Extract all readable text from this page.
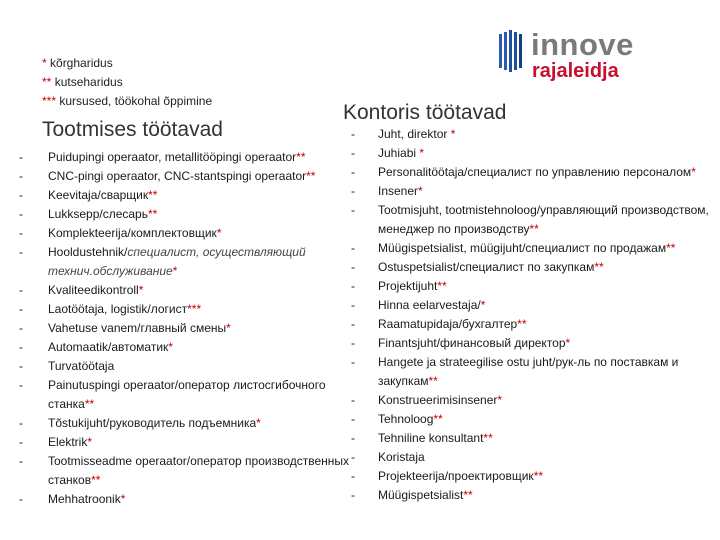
innove
rajaleidja
* kõrgharidus
** kutseharidus
*** kursused, töökohal õppimine
Tootmises töötavad
Kontoris töötavad
-	Puidupingi operaator, metallitööpingi operaator**
-	CNC-pingi operaator, CNC-stantspingi operaator**
-	Keevitaja/сварщик**
-	Lukksepp/слесарь**
-	Komplekteerija/комплектовщик*
-	Hooldustehnik/специалист, осуществляющий технич.обслуживание*
-	Kvaliteedikontroll*
-	Laotöötaja, logistik/логист***
-	Vahetuse vanem/главный смены*
-	Automaatik/автоматик*
-	Turvatöötaja
-	Painutuspingi operaator/оператор листосгибочного станка**
-	Tõstukijuht/руководитель подъемника*
-	Elektrik*
-	Tootmisseadme operaator/оператор производственных станков**
-	Mehhatroonik*
-	Juht, direktor *
-	Juhiabi *
-	Personalitöötaja/специалист по управлению персоналом*
-	Insener*
-	Tootmisjuht, tootmistehnoloog/управляющий производством, менеджер по производству**
-	Müügispetsialist, müügijuht/специалист по продажам**
-	Ostuspetsialist/специалист по закупкам**
-	Projektijuht**
-	Hinna eelarvestaja/*
-	Raamatupidaja/бухгалтер**
-	Finantsjuht/финансовый директор*
-	Hangete ja strateegilise ostu juht/рук-ль по поставкам и закупкам**
-	Konstrueerimisinsener*
-	Tehnoloog**
-	Tehniline konsultant**
-	Koristaja
-	Projekteerija/проектировщик**
-	Müügispetsialist**
